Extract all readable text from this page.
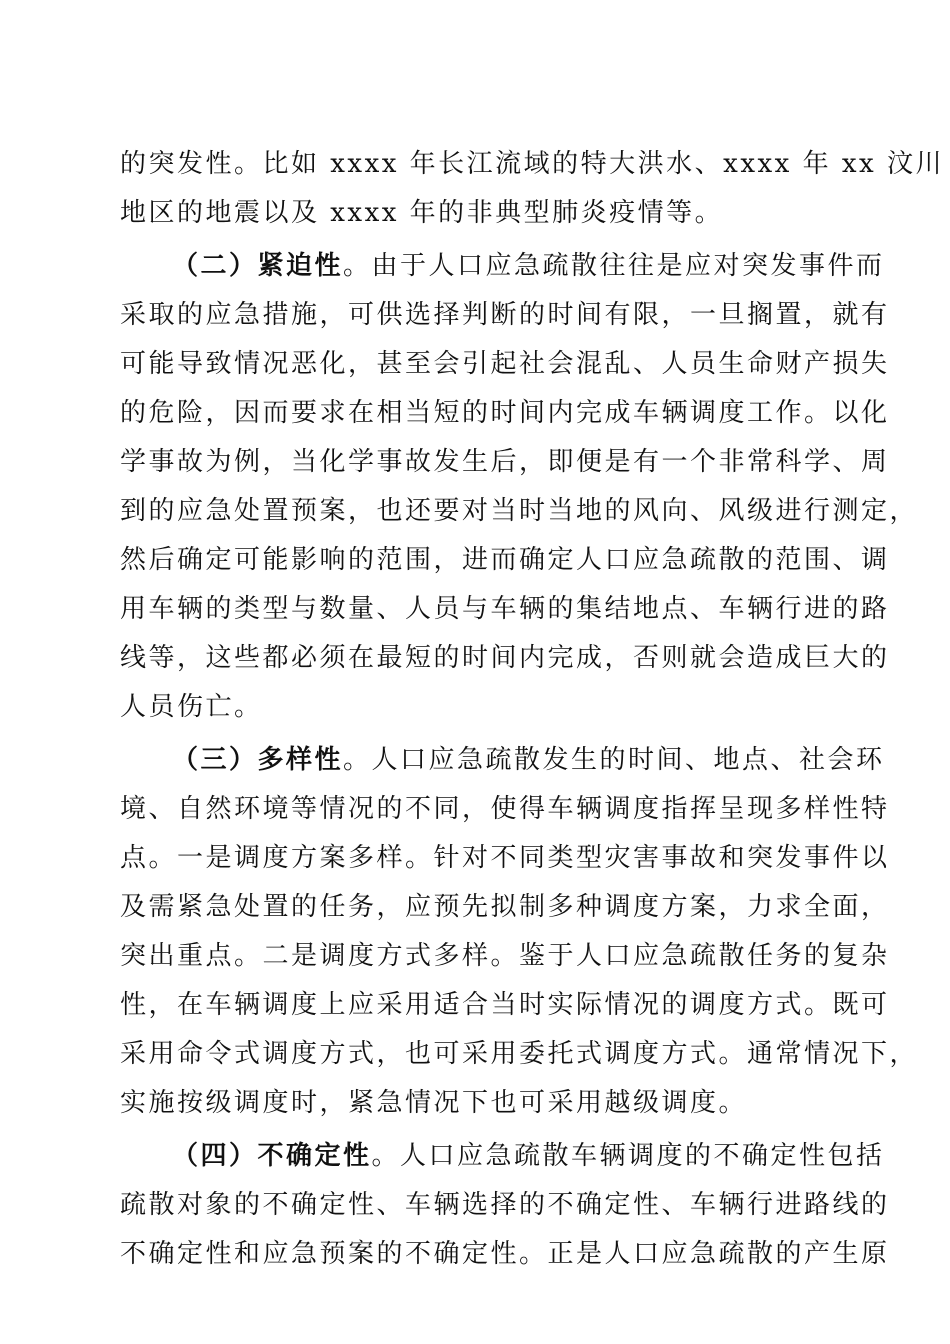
的突发性。比如 xxxx 年长江流域的特大洪水、xxxx 年 xx 汶川
地区的地震以及 xxxx 年的非典型肺炎疫情等。
（二）紧迫性。由于人口应急疏散往往是应对突发事件而
采取的应急措施，可供选择判断的时间有限，一旦搁置，就有
可能导致情况恶化，甚至会引起社会混乱、人员生命财产损失
的危险，因而要求在相当短的时间内完成车辆调度工作。以化
学事故为例，当化学事故发生后，即便是有一个非常科学、周
到的应急处置预案，也还要对当时当地的风向、风级进行测定，
然后确定可能影响的范围，进而确定人口应急疏散的范围、调
用车辆的类型与数量、人员与车辆的集结地点、车辆行进的路
线等，这些都必须在最短的时间内完成，否则就会造成巨大的
人员伤亡。
（三）多样性。人口应急疏散发生的时间、地点、社会环
境、自然环境等情况的不同，使得车辆调度指挥呈现多样性特
点。一是调度方案多样。针对不同类型灾害事故和突发事件以
及需紧急处置的任务，应预先拟制多种调度方案，力求全面，
突出重点。二是调度方式多样。鉴于人口应急疏散任务的复杂
性，在车辆调度上应采用适合当时实际情况的调度方式。既可
采用命令式调度方式，也可采用委托式调度方式。通常情况下，
实施按级调度时，紧急情况下也可采用越级调度。
（四）不确定性。人口应急疏散车辆调度的不确定性包括
疏散对象的不确定性、车辆选择的不确定性、车辆行进路线的
不确定性和应急预案的不确定性。正是人口应急疏散的产生原
